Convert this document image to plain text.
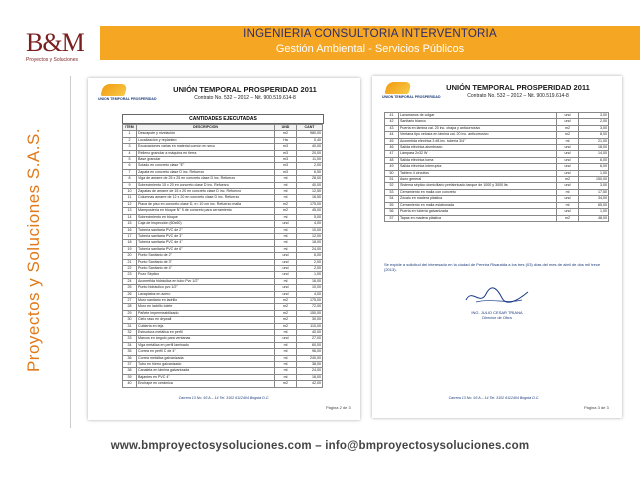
B&M
Proyectos y Soluciones
INGENIERIA CONSULTORIA INTERVENTORIA
Gestión Ambiental - Servicios Públicos
Proyectos y Soluciones S.A.S.
UNION TEMPORAL PROSPERIDAD
UNIÓN TEMPORAL PROSPERIDAD 2011
Contrato No. 532 – 2012 – Nit. 900.519.614-8
CANTIDADES EJECUTADAS
ITEM	DESCRIPCIÓN	UND	CANT
1	Descapote y nivelación	m2	980,00
2	Localización y replanteo	Ha	0,40
3	Excavaciones varias en material común en seco	m3	40,00
4	Relleno granular a máquina en tierra	m3	20,00
5	Base granular	m3	11,00
6	Solado en concreto clase "E"	m3	2,00
7	Zapata en concreto clase D inc. Refuerzo	m3	6,50
8	Viga de amarre de 25 x 25 en concreto clase D inc. Refuerzo	ml	28,00
9	Sobrecimiento 15 x 20 en concreto clase D inc. Refuerzo	ml	40,00
10	Zapatas de amarre de 15 x 20 en concreto clase D inc. Refuerzo	ml	12,50
11	Columnas amarre de 12 x 20 en concreto clase D inc. Refuerzo	ml	16,50
12	Placa de piso en concreto clase D, e= 10 cm inc. Refuerzo malla	m2	175,00
13	Mampostería en bloque N° 5 de concreto para cerramiento	m2	45,00
14	Sobrecimiento en bloque	ml	5,00
15	Caja de inspección (60x60)	und	4,00
16	Tubería sanitaria PVC de 2"	ml	10,00
17	Tubería sanitaria PVC de 3"	ml	12,00
18	Tubería sanitaria PVC de 4"	ml	18,00
19	Tubería sanitaria PVC de 6"	ml	24,00
20	Punto Sanitario de 2"	und	6,00
21	Punto Sanitario de 3"	und	2,00
22	Punto Sanitario de 4"	und	2,00
23	Pozo Séptico	und	1,00
24	Acometida hidráulica en tubo Pvc 1/2"	ml	16,00
25	Punto hidráulico pvc 1/2"	und	10,00
26	Lavaplatos en acero	und	4,00
27	Muro sanitario en ladrillo	m2	175,00
28	Muro en ladrillo tolete	m2	72,00
29	Pañete impermeabilizado	m2	150,00
30	Cielo raso en drywall	m2	30,00
31	Cubierta en teja	m2	110,00
32	Estructura metálica en perfil	ml	40,00
33	Marcos en ángulo para ventanas	und	27,00
34	Viga metálica en perfil laminado	ml	60,00
35	Correa en perfil C de 4"	ml	96,00
36	Correa metálica galvanizada	ml	240,00
37	Tubo en hierro galvanizado	ml	38,00
38	Canaleta en lámina galvanizada	ml	24,00
39	Bajantes en PVC 4"	ml	16,00
40	Enchape en cerámica	m2	42,00
Carrera 13 No. 93 A – 14 Tel. 3102 6112404 Bogotá D.C.
Página 2 de 3
UNION TEMPORAL PROSPERIDAD
UNIÓN TEMPORAL PROSPERIDAD 2011
Contrato No. 532 – 2012 – Nit. 900.519.614-8
41	Lavamanos de colgar	und	3,00
42	Sanitario blanco	und	2,00
43	Puerta en lámina cal. 20 inc. chapa y anticorrosivo	m2	3,00
44	Ventana tipo celosía en lámina cal. 20 inc. anticorrosivo	m2	8,00
45	Acometida eléctrica 3 #8 inc. tubería 3/4"	ml	21,00
46	Salida eléctrica alumbrado	und	18,00
47	Lámpara 2x32 W	und	14,00
48	Salida eléctrica toma	und	6,00
49	Salida eléctrica interruptor	und	6,00
50	Tablero 4 circuitos	und	1,00
51	Aseo general	m2	150,00
52	Sistema séptico domiciliario prefabricado tanque de 1000 y 3000 lts	und	3,00
53	Cerramiento en malla con concreto	ml	17,50
54	Zócalo en madera plástica	und	34,00
55	Cerramiento en malla eslabonada	ml	65,00
56	Puerta en tubería galvanizada	und	1,00
57	Tapas en madera plástica	m2	48,00
Se expide a solicitud del interesado en la ciudad de Pereira Risaralda a los tres (03) días del mes de abril de dos mil trece (2013).
ING. JULIO CESAR TRIANA
Director de Obra
Carrera 13 No. 93 A – 14 Tel. 3102 6112404 Bogotá D.C.
Página 3 de 3
www.bmproyectosysoluciones.com – info@bmproyectosysoluciones.com
